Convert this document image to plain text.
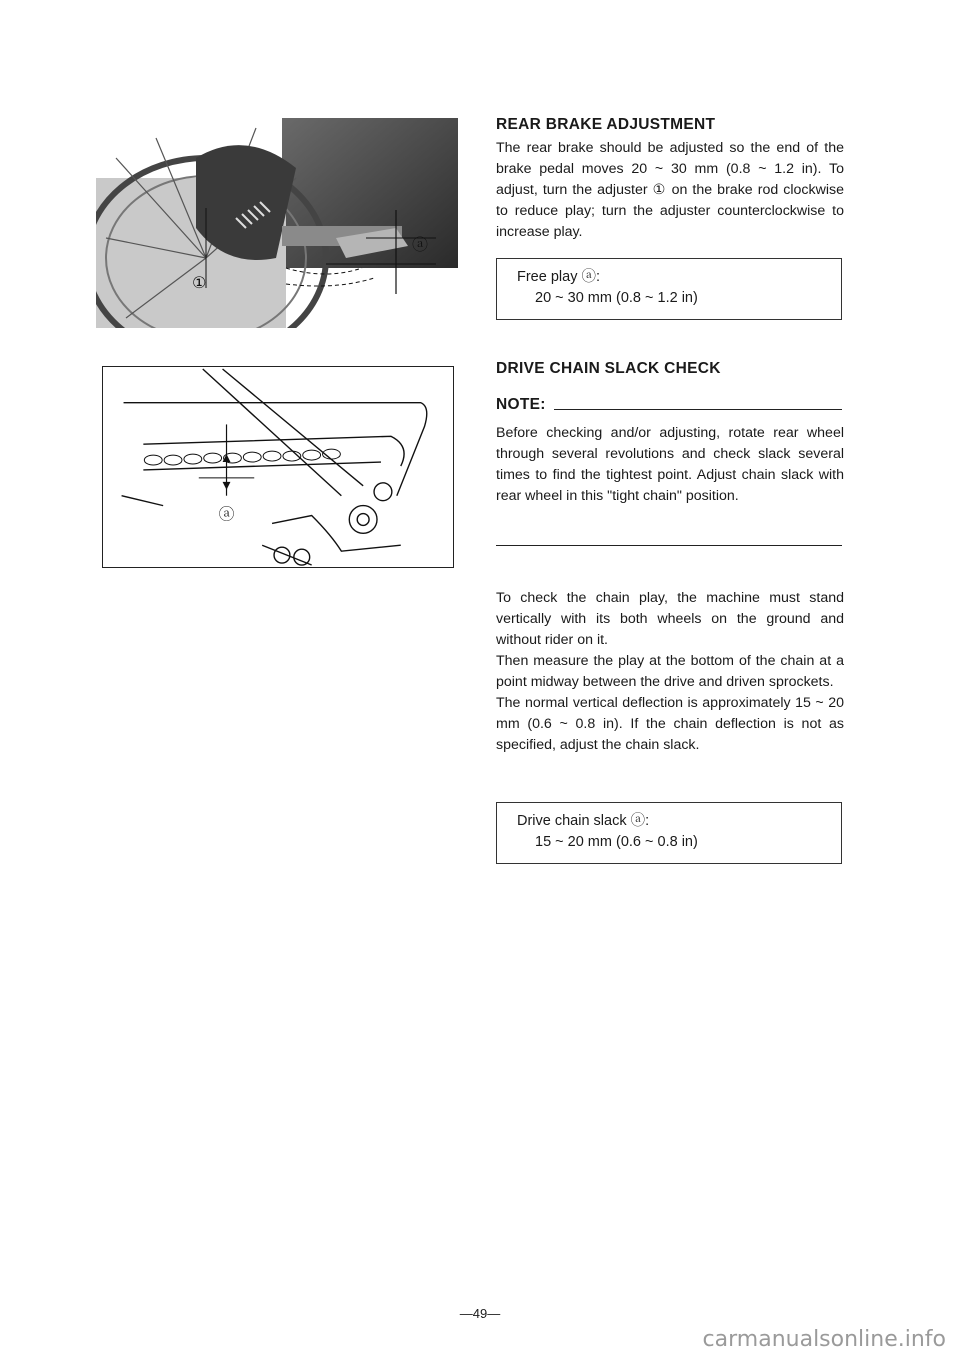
①
ⓐ
ⓐ
REAR BRAKE ADJUSTMENT

The rear brake should be adjusted so the end of the brake pedal moves 20 ~ 30 mm (0.8 ~ 1.2 in). To adjust, turn the adjuster ① on the brake rod clockwise to reduce play; turn the adjuster counterclockwise to increase play.

Free play ⓐ:
20 ~ 30 mm (0.8 ~ 1.2 in)
DRIVE CHAIN SLACK CHECK
NOTE:

Before checking and/or adjusting, rotate rear wheel through several revolutions and check slack several times to find the tightest point. Adjust chain slack with rear wheel in this "tight chain" position.

To check the chain play, the machine must stand vertically with its both wheels on the ground and without rider on it.

Then measure the play at the bottom of the chain at a point midway between the drive and driven sprockets.

The normal vertical deflection is approximately 15 ~ 20 mm (0.6 ~ 0.8 in). If the chain deflection is not as specified, adjust the chain slack.

Drive chain slack ⓐ:
15 ~ 20 mm (0.6 ~ 0.8 in)
—49—
carmanualsonline.info
